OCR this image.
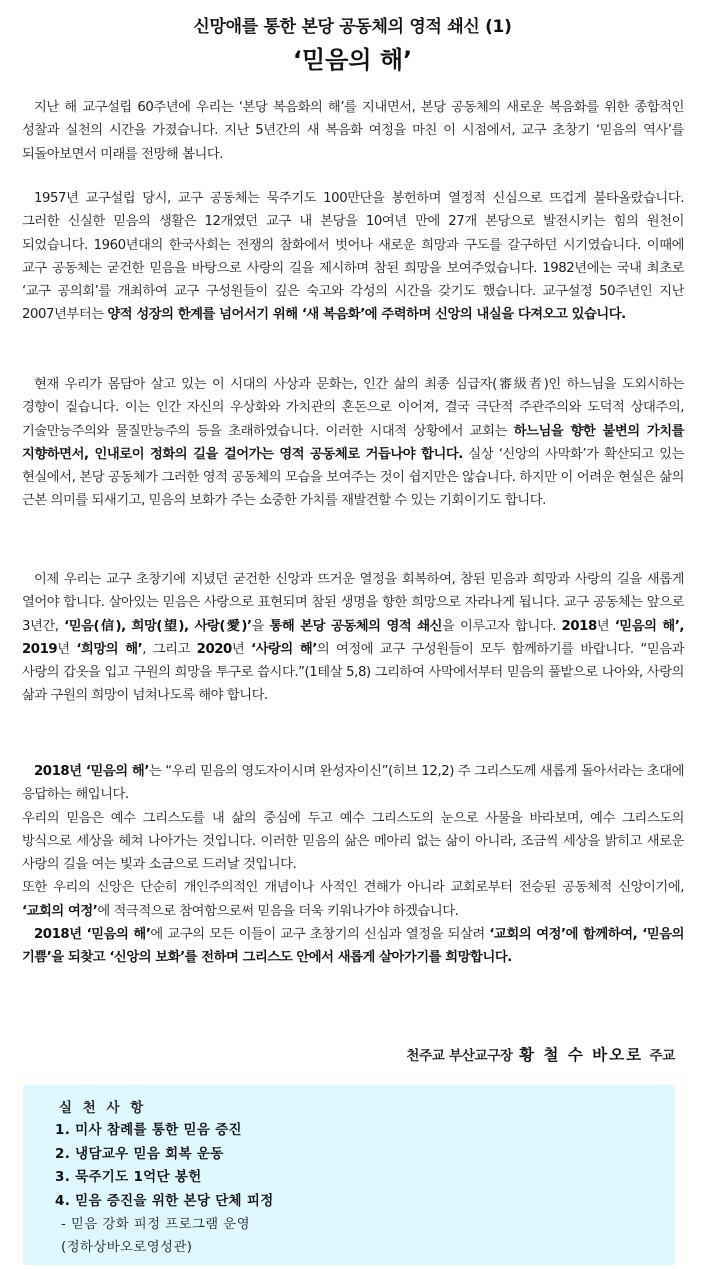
신망애를 통한 본당 공동체의 영적 쇄신 (1)
‘믿음의 해’

지난 해 교구설립 60주년에 우리는 ‘본당 복음화의 해’를 지내면서, 본당 공동체의 새로운 복음화를 위한 종합적인 성찰과 실천의 시간을 가졌습니다. 지난 5년간의 새 복음화 여정을 마친 이 시점에서, 교구 초창기 ‘믿음의 역사’를 되돌아보면서 미래를 전망해 봅니다.

1957년 교구설립 당시, 교구 공동체는 묵주기도 100만단을 봉헌하며 열정적 신심으로 뜨겁게 불타올랐습니다. 그러한 신실한 믿음의 생활은 12개였던 교구 내 본당을 10여년 만에 27개 본당으로 발전시키는 힘의 원천이 되었습니다. 1960년대의 한국사회는 전쟁의 참화에서 벗어나 새로운 희망과 구도를 갈구하던 시기였습니다. 이때에 교구 공동체는 굳건한 믿음을 바탕으로 사랑의 길을 제시하며 참된 희망을 보여주었습니다. 1982년에는 국내 최초로 ‘교구 공의회’를 개최하여 교구 구성원들이 깊은 숙고와 각성의 시간을 갖기도 했습니다. 교구설정 50주년인 지난 2007년부터는 양적 성장의 한계를 넘어서기 위해 ‘새 복음화’에 주력하며 신앙의 내실을 다져오고 있습니다.

현재 우리가 몸담아 살고 있는 이 시대의 사상과 문화는, 인간 삶의 최종 심급자(審級者)인 하느님을 도외시하는 경향이 짙습니다. 이는 인간 자신의 우상화와 가치관의 혼돈으로 이어져, 결국 극단적 주관주의와 도덕적 상대주의, 기술만능주의와 물질만능주의 등을 초래하였습니다. 이러한 시대적 상황에서 교회는 하느님을 향한 불변의 가치를 지향하면서, 인내로이 정화의 길을 걸어가는 영적 공동체로 거듭나야 합니다. 실상 ‘신앙의 사막화’가 확산되고 있는 현실에서, 본당 공동체가 그러한 영적 공동체의 모습을 보여주는 것이 쉽지만은 않습니다. 하지만 이 어려운 현실은 삶의 근본 의미를 되새기고, 믿음의 보화가 주는 소중한 가치를 재발견할 수 있는 기회이기도 합니다.

이제 우리는 교구 초창기에 지녔던 굳건한 신앙과 뜨거운 열정을 회복하여, 참된 믿음과 희망과 사랑의 길을 새롭게 열어야 합니다. 살아있는 믿음은 사랑으로 표현되며 참된 생명을 향한 희망으로 자라나게 됩니다. 교구 공동체는 앞으로 3년간, ‘믿음(信), 희망(望), 사랑(愛)’을 통해 본당 공동체의 영적 쇄신을 이루고자 합니다. 2018년 ‘믿음의 해’, 2019년 ‘희망의 해’, 그리고 2020년 ‘사랑의 해’의 여정에 교구 구성원들이 모두 함께하기를 바랍니다. “믿음과 사랑의 갑옷을 입고 구원의 희망을 투구로 씁시다.”(1테살 5,8) 그리하여 사막에서부터 믿음의 풀밭으로 나아와, 사랑의 삶과 구원의 희망이 넘쳐나도록 해야 합니다.

2018년 ‘믿음의 해’는 “우리 믿음의 영도자이시며 완성자이신”(히브 12,2) 주 그리스도께 새롭게 돌아서라는 초대에 응답하는 해입니다.

우리의 믿음은 예수 그리스도를 내 삶의 중심에 두고 예수 그리스도의 눈으로 사물을 바라보며, 예수 그리스도의 방식으로 세상을 헤쳐 나아가는 것입니다. 이러한 믿음의 삶은 메아리 없는 삶이 아니라, 조금씩 세상을 밝히고 새로운 사랑의 길을 여는 빛과 소금으로 드러날 것입니다.

또한 우리의 신앙은 단순히 개인주의적인 개념이나 사적인 견해가 아니라 교회로부터 전승된 공동체적 신앙이기에, ‘교회의 여정’에 적극적으로 참여함으로써 믿음을 더욱 키워나가야 하겠습니다.

2018년 ‘믿음의 해’에 교구의 모든 이들이 교구 초창기의 신심과 열정을 되살려 ‘교회의 여정’에 함께하여, ‘믿음의 기쁨’을 되찾고 ‘신앙의 보화’를 전하며 그리스도 안에서 새롭게 살아가기를 희망합니다.

천주교 부산교구장 황 철 수 바오로 주교
실 천 사 항
1. 미사 참례를 통한 믿음 증진
2. 냉담교우 믿음 회복 운동
3. 묵주기도 1억단 봉헌
4. 믿음 증진을 위한 본당 단체 피정
- 믿음 강화 피정 프로그램 운영
(정하상바오로영성관)
